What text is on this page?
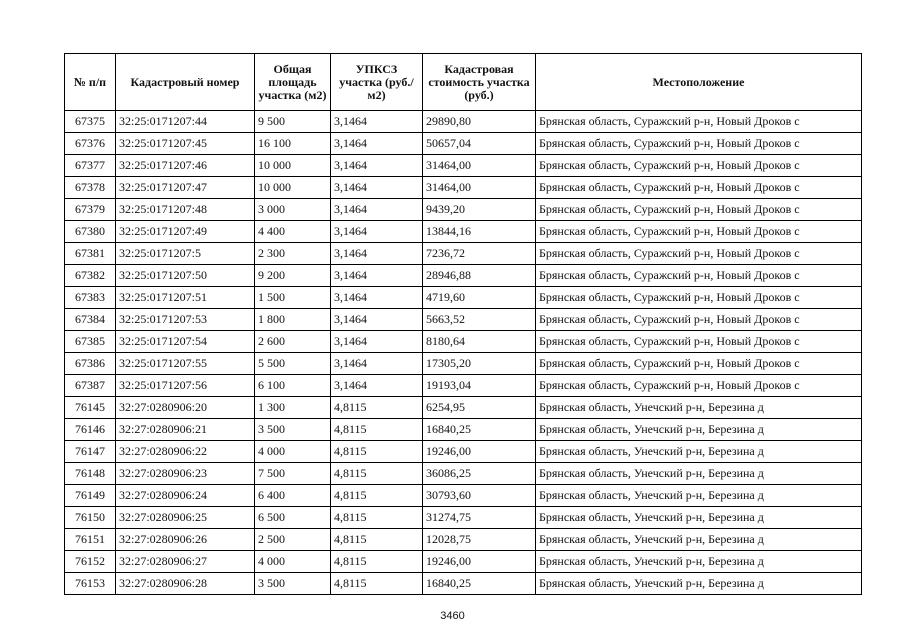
№ п/п	Кадастровый номер	Общая площадь участка (м2)	УПКСЗ участка (руб./м2)	Кадастровая стоимость участка (руб.)	Местоположение
67375	32:25:0171207:44	9 500	3,1464	29890,80	Брянская область, Суражский р-н, Новый Дроков с
67376	32:25:0171207:45	16 100	3,1464	50657,04	Брянская область, Суражский р-н, Новый Дроков с
67377	32:25:0171207:46	10 000	3,1464	31464,00	Брянская область, Суражский р-н, Новый Дроков с
67378	32:25:0171207:47	10 000	3,1464	31464,00	Брянская область, Суражский р-н, Новый Дроков с
67379	32:25:0171207:48	3 000	3,1464	9439,20	Брянская область, Суражский р-н, Новый Дроков с
67380	32:25:0171207:49	4 400	3,1464	13844,16	Брянская область, Суражский р-н, Новый Дроков с
67381	32:25:0171207:5	2 300	3,1464	7236,72	Брянская область, Суражский р-н, Новый Дроков с
67382	32:25:0171207:50	9 200	3,1464	28946,88	Брянская область, Суражский р-н, Новый Дроков с
67383	32:25:0171207:51	1 500	3,1464	4719,60	Брянская область, Суражский р-н, Новый Дроков с
67384	32:25:0171207:53	1 800	3,1464	5663,52	Брянская область, Суражский р-н, Новый Дроков с
67385	32:25:0171207:54	2 600	3,1464	8180,64	Брянская область, Суражский р-н, Новый Дроков с
67386	32:25:0171207:55	5 500	3,1464	17305,20	Брянская область, Суражский р-н, Новый Дроков с
67387	32:25:0171207:56	6 100	3,1464	19193,04	Брянская область, Суражский р-н, Новый Дроков с
76145	32:27:0280906:20	1 300	4,8115	6254,95	Брянская область, Унечский р-н, Березина д
76146	32:27:0280906:21	3 500	4,8115	16840,25	Брянская область, Унечский р-н, Березина д
76147	32:27:0280906:22	4 000	4,8115	19246,00	Брянская область, Унечский р-н, Березина д
76148	32:27:0280906:23	7 500	4,8115	36086,25	Брянская область, Унечский р-н, Березина д
76149	32:27:0280906:24	6 400	4,8115	30793,60	Брянская область, Унечский р-н, Березина д
76150	32:27:0280906:25	6 500	4,8115	31274,75	Брянская область, Унечский р-н, Березина д
76151	32:27:0280906:26	2 500	4,8115	12028,75	Брянская область, Унечский р-н, Березина д
76152	32:27:0280906:27	4 000	4,8115	19246,00	Брянская область, Унечский р-н, Березина д
76153	32:27:0280906:28	3 500	4,8115	16840,25	Брянская область, Унечский р-н, Березина д
3460
